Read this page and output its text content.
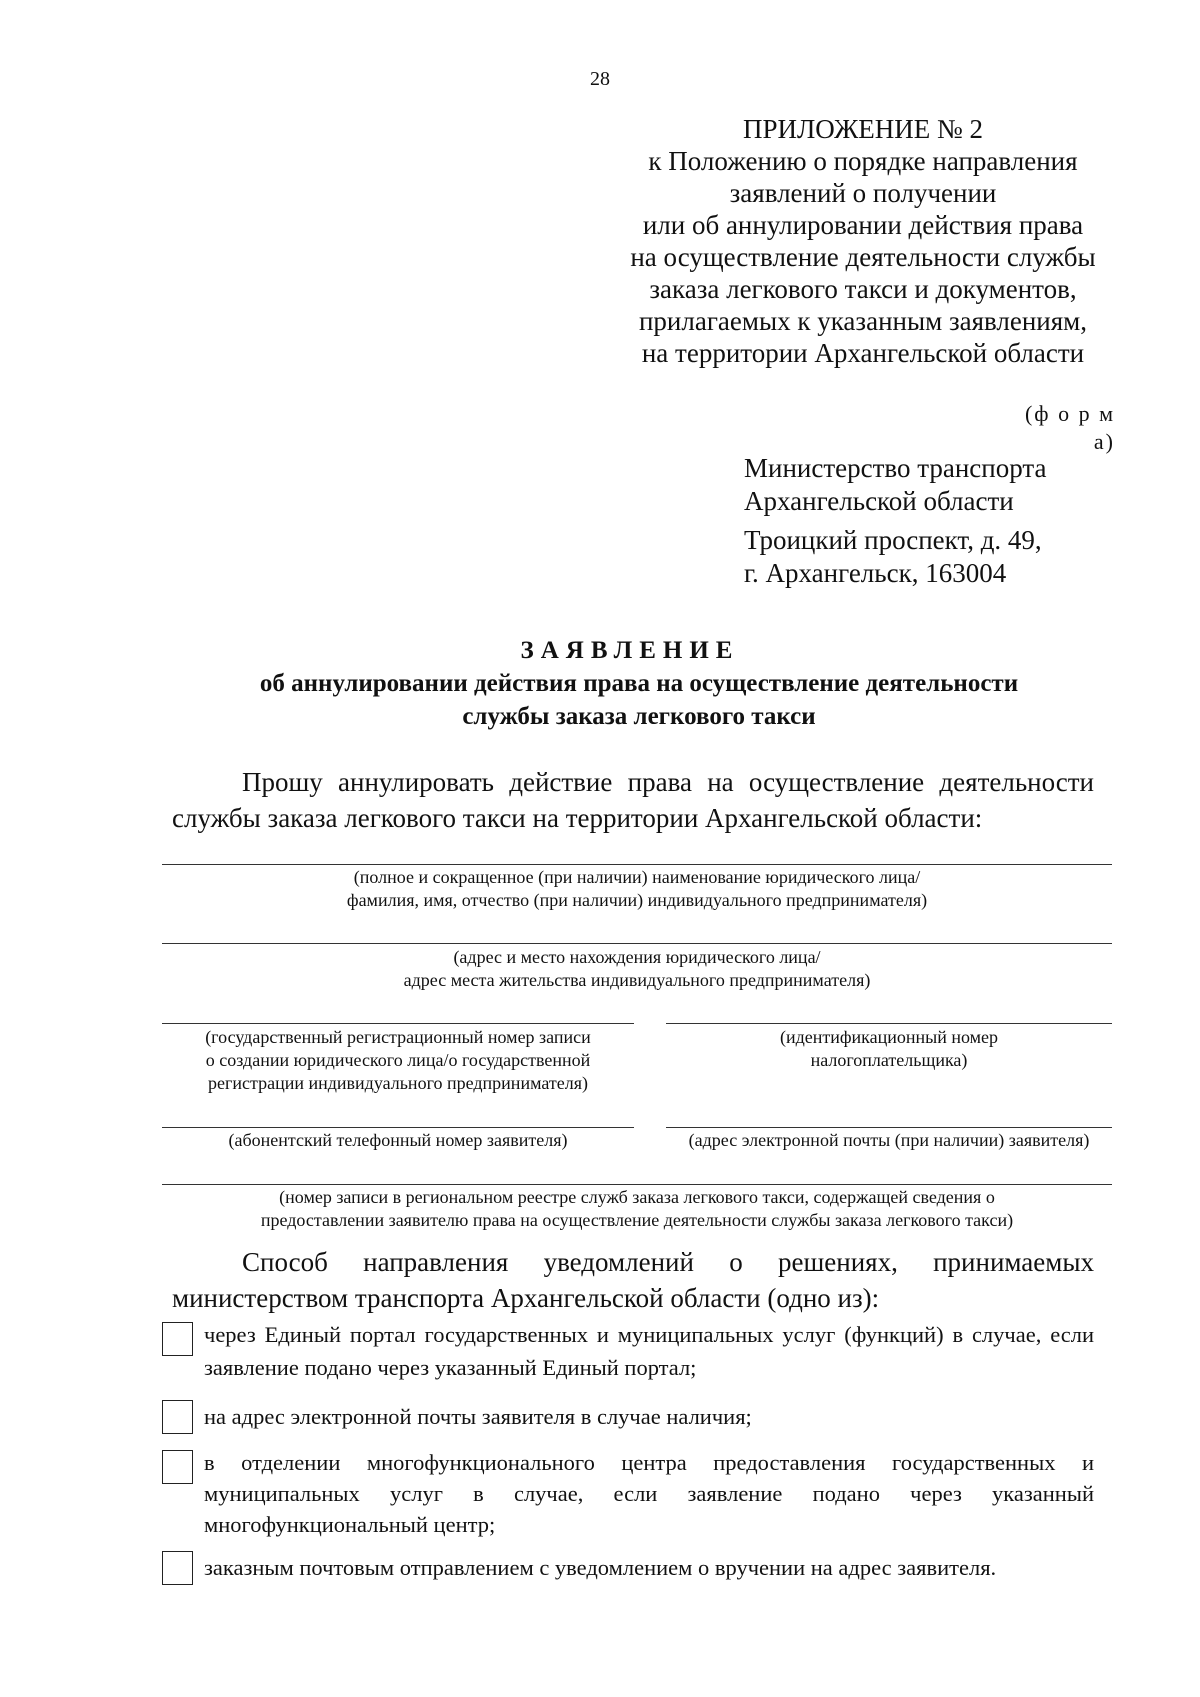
28
ПРИЛОЖЕНИЕ № 2
к Положению о порядке направления
заявлений о получении
или об аннулировании действия права
на осуществление деятельности службы
заказа легкового такси и документов,
прилагаемых к указанным заявлениям,
на территории Архангельской области
(ф о р м а)
Министерство транспорта
Архангельской области
Троицкий проспект, д. 49,
г. Архангельск, 163004
ЗАЯВЛЕНИЕ
об аннулировании действия права на осуществление деятельности
службы заказа легкового такси
Прошу аннулировать действие права на осуществление деятельности службы заказа легкового такси на территории Архангельской области:
(полное и сокращенное (при наличии) наименование юридического лица/
фамилия, имя, отчество (при наличии) индивидуального предпринимателя)
(адрес и место нахождения юридического лица/
адрес места жительства индивидуального предпринимателя)
(государственный регистрационный номер записи
о создании юридического лица/о государственной
регистрации индивидуального предпринимателя)
(идентификационный номер
налогоплательщика)
(абонентский телефонный номер заявителя)	(адрес электронной почты (при наличии) заявителя)
(номер записи в региональном реестре служб заказа легкового такси, содержащей сведения о
предоставлении заявителю права на осуществление деятельности службы заказа легкового такси)
Способ направления уведомлений о решениях, принимаемых министерством транспорта Архангельской области (одно из):
через Единый портал государственных и муниципальных услуг (функций) в случае, если заявление подано через указанный Единый портал;
на адрес электронной почты заявителя в случае наличия;
в отделении многофункционального центра предоставления государственных и муниципальных услуг в случае, если заявление подано через указанный многофункциональный центр;
заказным почтовым отправлением с уведомлением о вручении на адрес заявителя.
